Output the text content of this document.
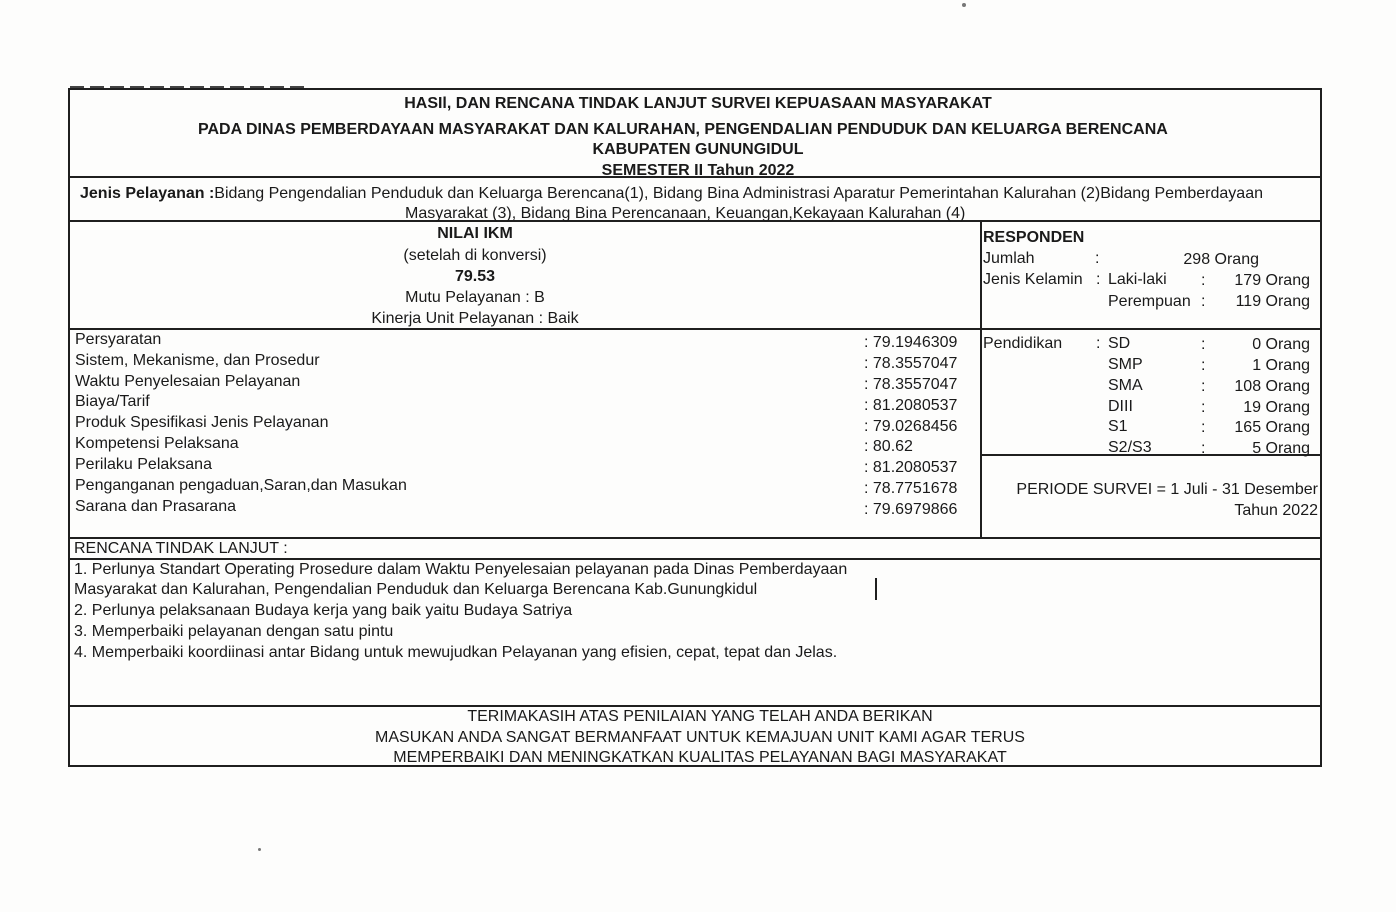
HASIl, DAN RENCANA TINDAK LANJUT SURVEI KEPUASAAN MASYARAKAT
PADA DINAS PEMBERDAYAAN MASYARAKAT DAN KALURAHAN, PENGENDALIAN PENDUDUK DAN KELUARGA BERENCANA
KABUPATEN GUNUNGIDUL
SEMESTER II Tahun 2022
Jenis Pelayanan :Bidang Pengendalian Penduduk dan Keluarga Berencana(1), Bidang Bina Administrasi Aparatur Pemerintahan Kalurahan (2)Bidang Pemberdayaan
Masyarakat (3), Bidang Bina Perencanaan, Keuangan,Kekayaan Kalurahan (4)
NILAI IKM
(setelah di konversi)
79.53
Mutu Pelayanan : B
Kinerja Unit Pelayanan : Baik
Persyaratan	: 79.1946309
Sistem, Mekanisme, dan Prosedur	: 78.3557047
Waktu Penyelesaian Pelayanan	: 78.3557047
Biaya/Tarif	: 81.2080537
Produk Spesifikasi Jenis Pelayanan	: 79.0268456
Kompetensi Pelaksana	: 80.62
Perilaku Pelaksana	: 81.2080537
Penganganan pengaduan,Saran,dan Masukan	: 78.7751678
Sarana dan Prasarana	: 79.6979866
RESPONDEN
Jumlah	:	298 Orang
Jenis Kelamin : Laki-laki :	179 Orang
Perempuan :	119 Orang
Pendidikan : SD	:	0 Orang
SMP	:	1 Orang
SMA	:	108 Orang
DIII	:	19 Orang
S1	:	165 Orang
S2/S3	:	5 Orang
PERIODE SURVEI = 1 Juli - 31 Desember
Tahun 2022
RENCANA TINDAK LANJUT :
1. Perlunya Standart Operating Prosedure dalam Waktu Penyelesaian pelayanan pada Dinas Pemberdayaan
Masyarakat dan Kalurahan, Pengendalian Penduduk dan Keluarga Berencana Kab.Gunungkidul
2. Perlunya pelaksanaan Budaya kerja yang baik yaitu Budaya Satriya
3. Memperbaiki pelayanan dengan satu pintu
4. Memperbaiki koordiinasi antar Bidang untuk mewujudkan Pelayanan yang efisien, cepat, tepat dan Jelas.
TERIMAKASIH ATAS PENILAIAN YANG TELAH ANDA BERIKAN
MASUKAN ANDA SANGAT BERMANFAAT UNTUK KEMAJUAN UNIT KAMI AGAR TERUS
MEMPERBAIKI DAN MENINGKATKAN KUALITAS PELAYANAN BAGI MASYARAKAT
